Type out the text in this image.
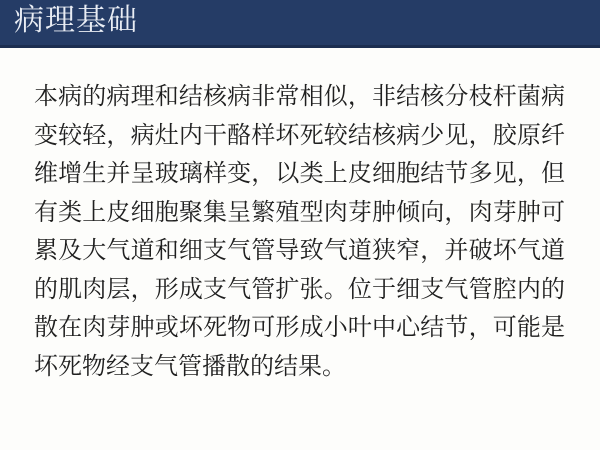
病理基础

本病的病理和结核病非常相似，非结核分枝杆菌病变较轻，病灶内干酪样坏死较结核病少见，胶原纤维增生并呈玻璃样变，以类上皮细胞结节多见，但有类上皮细胞聚集呈繁殖型肉芽肿倾向，肉芽肿可累及大气道和细支气管导致气道狭窄，并破坏气道的肌肉层，形成支气管扩张。位于细支气管腔内的散在肉芽肿或坏死物可形成小叶中心结节，可能是坏死物经支气管播散的结果。
